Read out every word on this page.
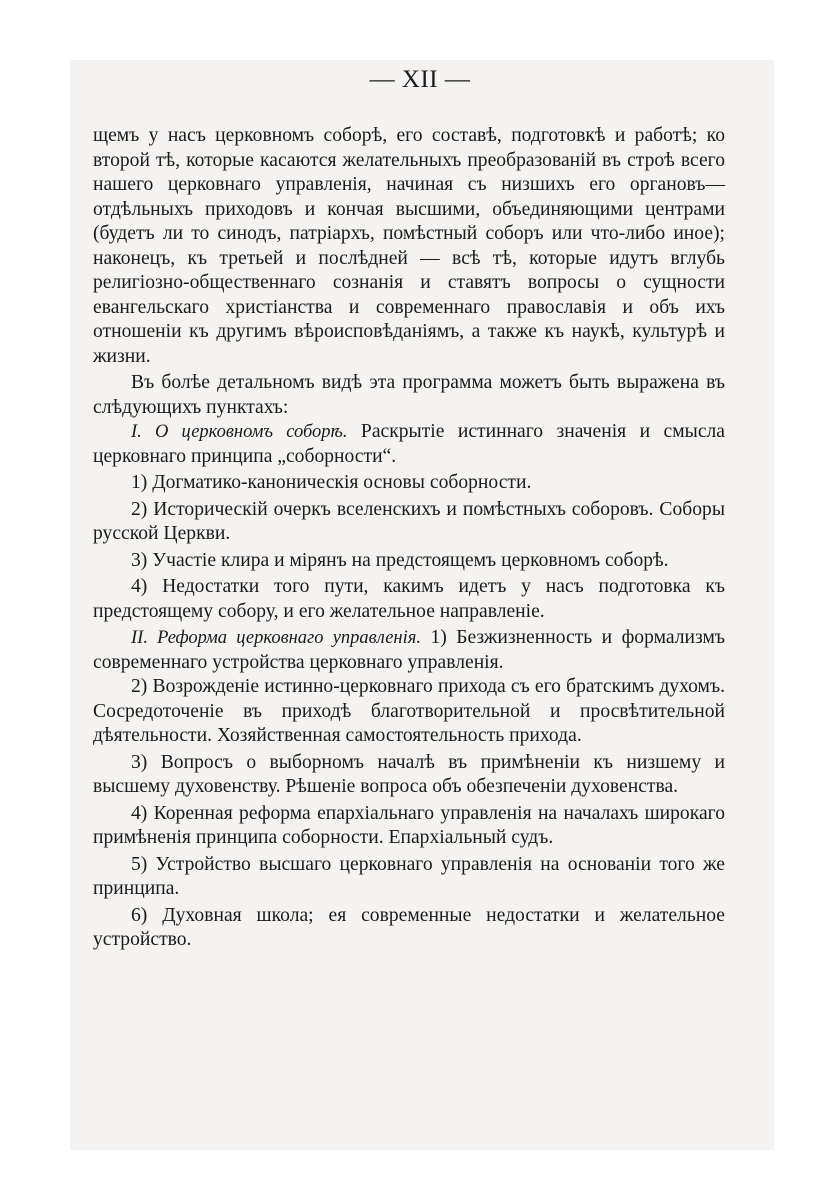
— XII —

щемъ у насъ церковномъ соборѣ, его составѣ, подготовкѣ и работѣ; ко второй тѣ, которые касаются желательныхъ преобразованій въ строѣ всего нашего церковнаго управленія, начиная съ низшихъ его органовъ—отдѣльныхъ приходовъ и кончая высшими, объединяющими центрами (будетъ ли то синодъ, патріархъ, помѣстный соборъ или что-либо иное); наконецъ, къ третьей и послѣдней — всѣ тѣ, которые идутъ вглубь религіозно-общественнаго сознанія и ставятъ вопросы о сущности евангельскаго христіанства и современнаго православія и объ ихъ отношеніи къ другимъ вѣроисповѣданіямъ, а также къ наукѣ, культурѣ и жизни.

Въ болѣе детальномъ видѣ эта программа можетъ быть выражена въ слѣдующихъ пунктахъ:

I. О церковномъ соборѣ. Раскрытіе истиннаго значенія и смысла церковнаго принципа „соборности“.

1) Догматико-каноническія основы соборности.

2) Историческій очеркъ вселенскихъ и помѣстныхъ соборовъ. Соборы русской Церкви.

3) Участіе клира и мірянъ на предстоящемъ церковномъ соборѣ.

4) Недостатки того пути, какимъ идетъ у насъ подготовка къ предстоящему собору, и его желательное направленіе.

II. Реформа церковнаго управленія. 1) Безжизненность и формализмъ современнаго устройства церковнаго управленія.

2) Возрожденіе истинно-церковнаго прихода съ его братскимъ духомъ. Сосредоточеніе въ приходѣ благотворительной и просвѣтительной дѣятельности. Хозяйственная самостоятельность прихода.

3) Вопросъ о выборномъ началѣ въ примѣненіи къ низшему и высшему духовенству. Рѣшеніе вопроса объ обезпеченіи духовенства.

4) Коренная реформа епархіальнаго управленія на началахъ широкаго примѣненія принципа соборности. Епархіальный судъ.

5) Устройство высшаго церковнаго управленія на основаніи того же принципа.

6) Духовная школа; ея современные недостатки и желательное устройство.
